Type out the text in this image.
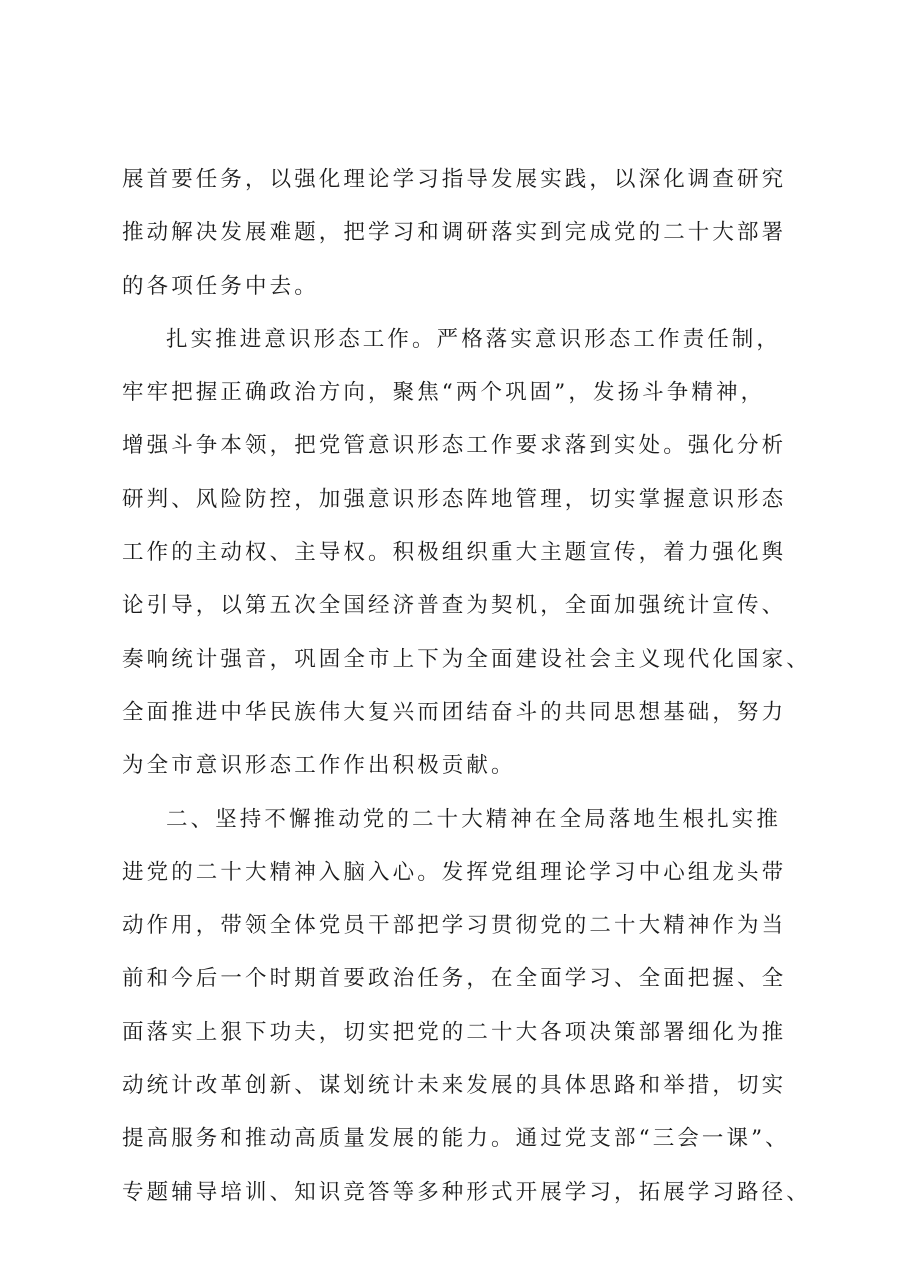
展首要任务，以强化理论学习指导发展实践，以深化调查研究
推动解决发展难题，把学习和调研落实到完成党的二十大部署
的各项任务中去。
扎实推进意识形态工作。严格落实意识形态工作责任制，
牢牢把握正确政治方向，聚焦“两个巩固”，发扬斗争精神，
增强斗争本领，把党管意识形态工作要求落到实处。强化分析
研判、风险防控，加强意识形态阵地管理，切实掌握意识形态
工作的主动权、主导权。积极组织重大主题宣传，着力强化舆
论引导，以第五次全国经济普查为契机，全面加强统计宣传、
奏响统计强音，巩固全市上下为全面建设社会主义现代化国家、
全面推进中华民族伟大复兴而团结奋斗的共同思想基础，努力
为全市意识形态工作作出积极贡献。
二、坚持不懈推动党的二十大精神在全局落地生根扎实推
进党的二十大精神入脑入心。发挥党组理论学习中心组龙头带
动作用，带领全体党员干部把学习贯彻党的二十大精神作为当
前和今后一个时期首要政治任务，在全面学习、全面把握、全
面落实上狠下功夫，切实把党的二十大各项决策部署细化为推
动统计改革创新、谋划统计未来发展的具体思路和举措，切实
提高服务和推动高质量发展的能力。通过党支部“三会一课”、
专题辅导培训、知识竞答等多种形式开展学习，拓展学习路径、
